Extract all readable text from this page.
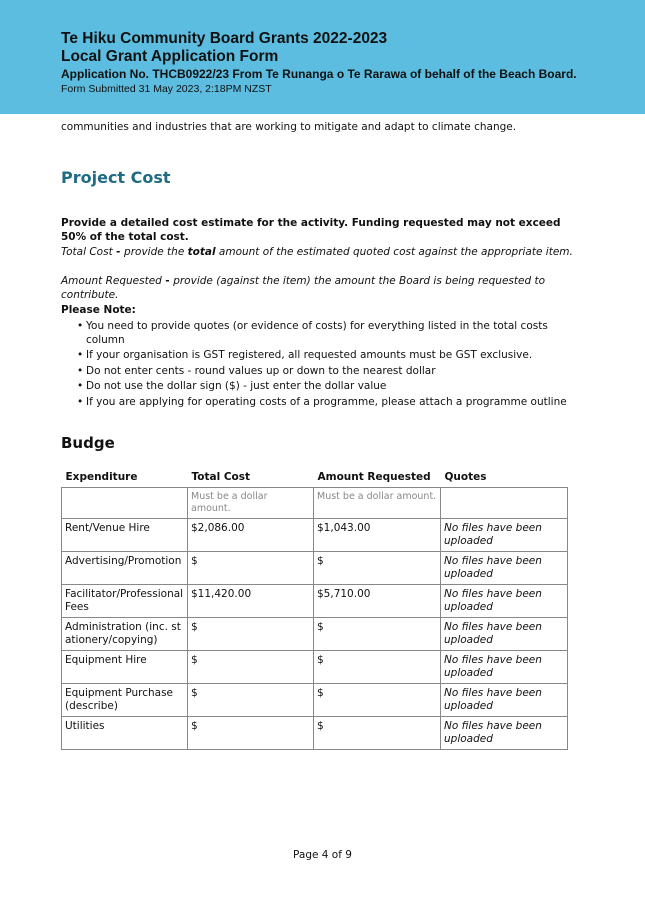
Te Hiku Community Board Grants 2022-2023

Local Grant Application Form

Application No. THCB0922/23 From Te Runanga o Te Rarawa of behalf of the Beach Board.

Form Submitted 31 May 2023, 2:18PM NZST

communities and industries that are working to mitigate and adapt to climate change.
Project Cost
Provide a detailed cost estimate for the activity. Funding requested may not exceed 50% of the total cost.
Total Cost - provide the total amount of the estimated quoted cost against the appropriate item.
Amount Requested - provide (against the item) the amount the Board is being requested to contribute.
Please Note:
• You need to provide quotes (or evidence of costs) for everything listed in the total costs column
• If your organisation is GST registered, all requested amounts must be GST exclusive.
• Do not enter cents - round values up or down to the nearest dollar
• Do not use the dollar sign ($) - just enter the dollar value
• If you are applying for operating costs of a programme, please attach a programme outline
Budge
Expenditure	Total Cost	Amount Requested	Quotes
	Must be a dollar amount.	Must be a dollar amount.	
Rent/Venue Hire	$2,086.00	$1,043.00	No files have been uploaded
Advertising/Promotion	$	$	No files have been uploaded
Facilitator/Professional Fees	$11,420.00	$5,710.00	No files have been uploaded
Administration (inc. stationery/copying)	$	$	No files have been uploaded
Equipment Hire	$	$	No files have been uploaded
Equipment Purchase (describe)	$	$	No files have been uploaded
Utilities	$	$	No files have been uploaded
Page 4 of 9
